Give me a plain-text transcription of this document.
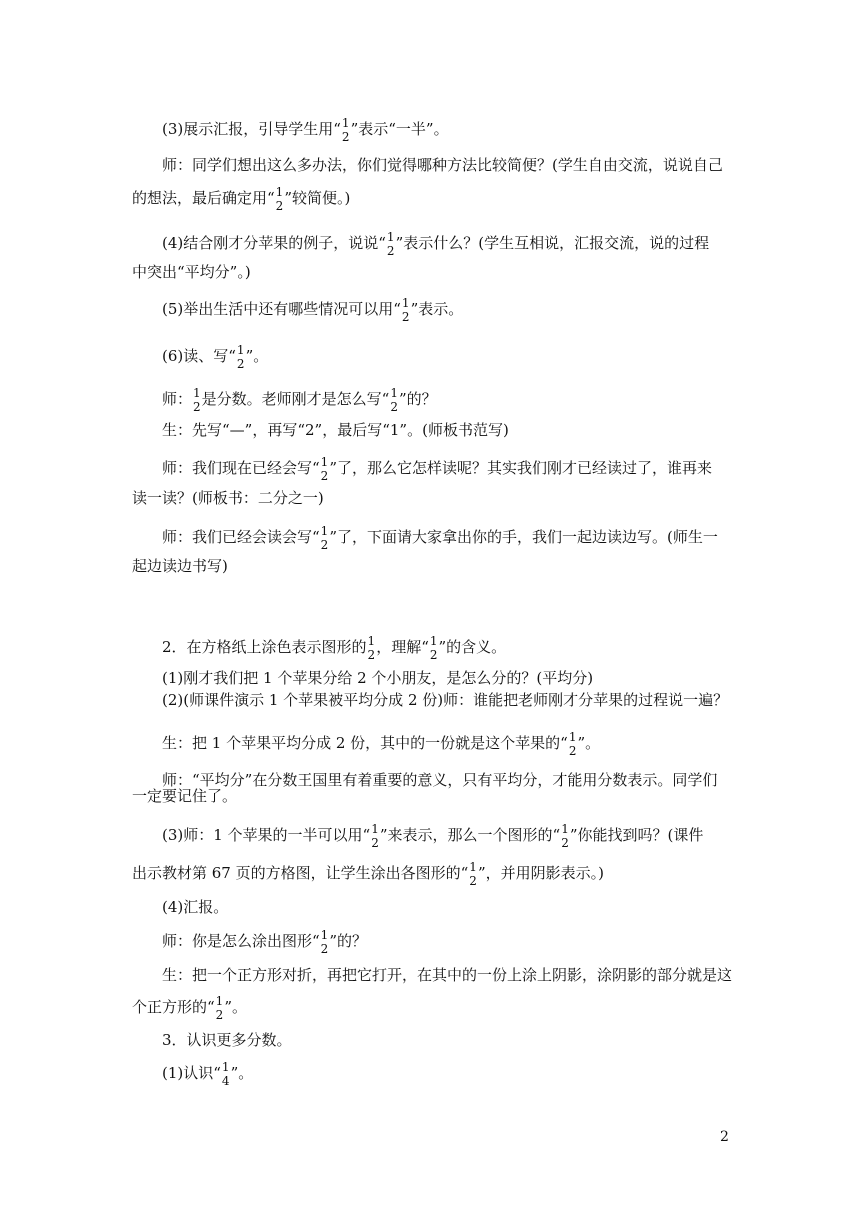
(3)展示汇报，引导学生用“ 1
2 ”表示“一半”。
师：同学们想出这么多办法，你们觉得哪种方法比较简便？(学生自由交流，说说自己
的想法，最后确定用“ 1
2 ”较简便。)
(4)结合刚才分苹果的例子，说说“ 1
2 ”表示什么？(学生互相说，汇报交流，说的过程
中突出“平均分”。)
(5)举出生活中还有哪些情况可以用“ 1
2 ”表示。
(6)读、写“ 1
2 ”。
师： 1
2 是分数。老师刚才是怎么写“ 1
2 ”的？
生：先写“—”，再写“2”，最后写“1”。(师板书范写)
师：我们现在已经会写“ 1
2 ”了，那么它怎样读呢？其实我们刚才已经读过了，谁再来
读一读？(师板书：二分之一)
师：我们已经会读会写“ 1
2 ”了，下面请大家拿出你的手，我们一起边读边写。(师生一
起边读边书写)
2．在方格纸上涂色表示图形的 1
2 ，理解“ 1
2 ”的含义。
(1)刚才我们把 1 个苹果分给 2 个小朋友，是怎么分的？(平均分)
(2)(师课件演示 1 个苹果被平均分成 2 份)师：谁能把老师刚才分苹果的过程说一遍？
生：把 1 个苹果平均分成 2 份，其中的一份就是这个苹果的“ 1
2 ”。
师：“平均分”在分数王国里有着重要的意义，只有平均分，才能用分数表示。同学们
一定要记住了。
(3)师：1 个苹果的一半可以用“ 1
2 ”来表示，那么一个图形的“ 1
2 ”你能找到吗？(课件
出示教材第 67 页的方格图，让学生涂出各图形的“ 1
2 ”，并用阴影表示。)
(4)汇报。
师：你是怎么涂出图形“ 1
2 ”的？
生：把一个正方形对折，再把它打开，在其中的一份上涂上阴影，涂阴影的部分就是这
个正方形的“ 1
2 ”。
3．认识更多分数。
(1)认识“ 1
4 ”。
2
